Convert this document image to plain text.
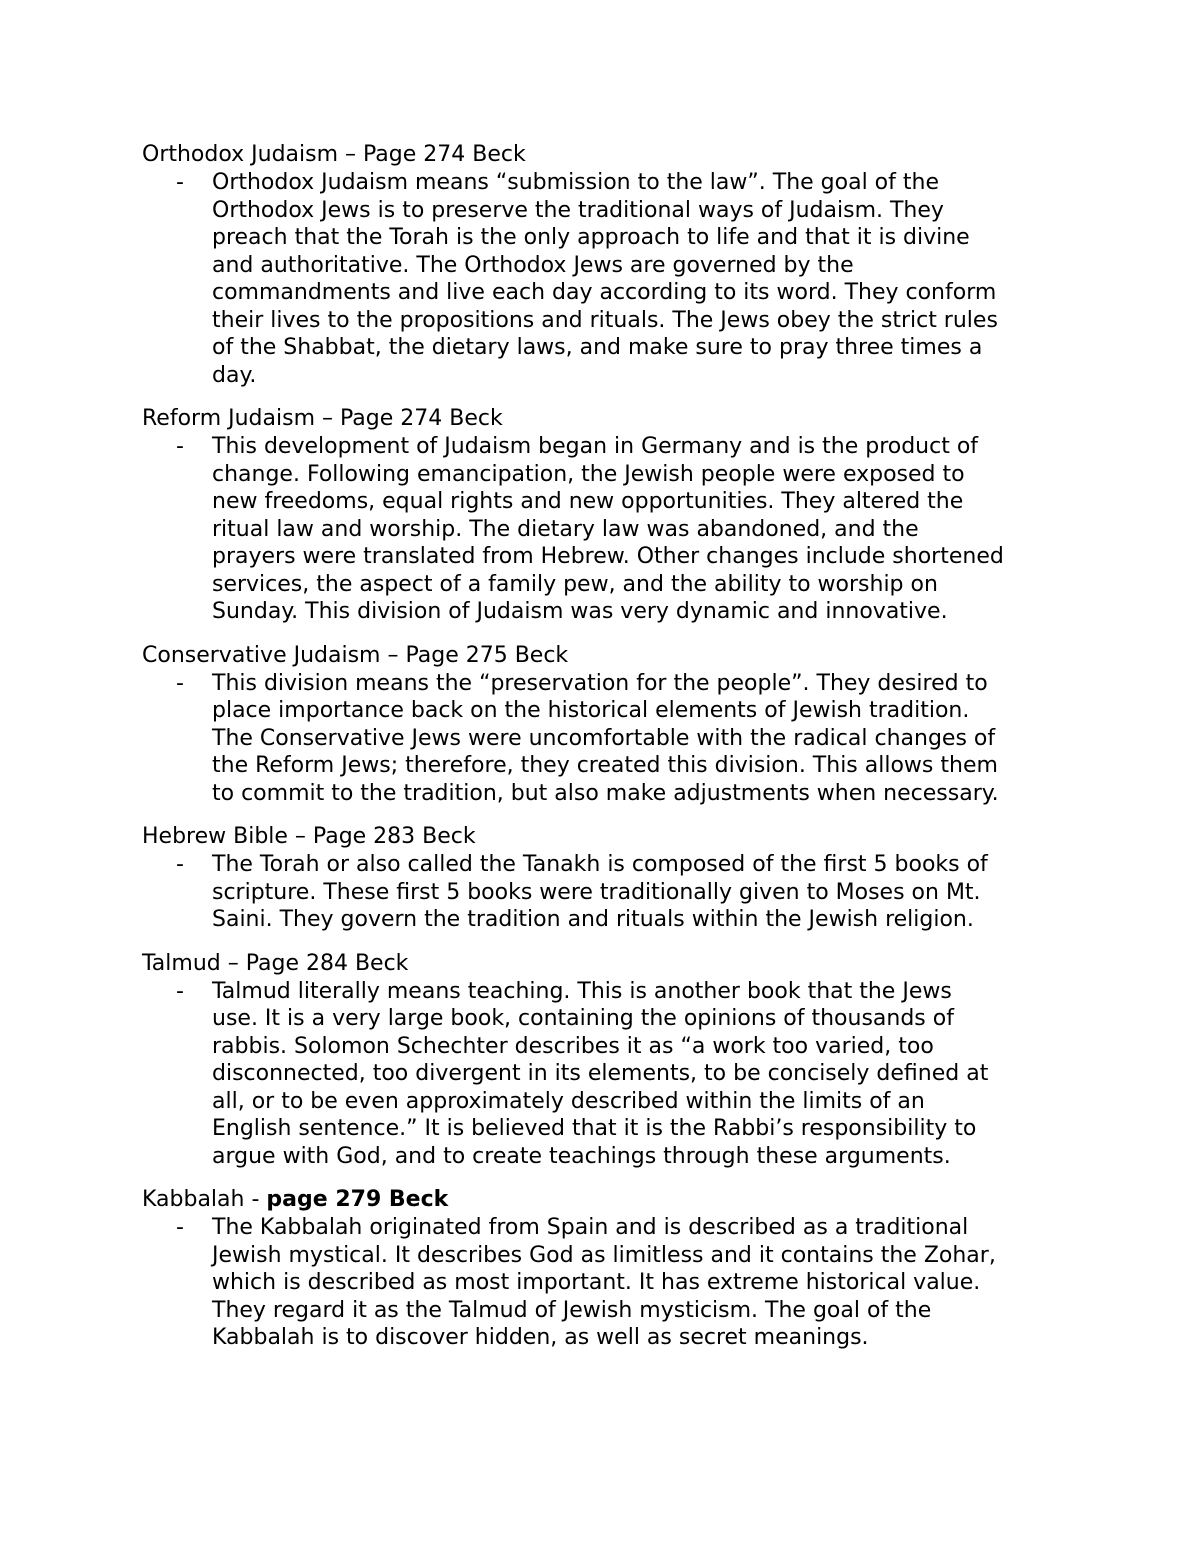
Orthodox Judaism – Page 274 Beck

-	Orthodox Judaism means “submission to the law”. The goal of the
Orthodox Jews is to preserve the traditional ways of Judaism. They
preach that the Torah is the only approach to life and that it is divine
and authoritative. The Orthodox Jews are governed by the
commandments and live each day according to its word. They conform
their lives to the propositions and rituals. The Jews obey the strict rules
of the Shabbat, the dietary laws, and make sure to pray three times a
day.

Reform Judaism – Page 274 Beck

-	This development of Judaism began in Germany and is the product of
change. Following emancipation, the Jewish people were exposed to
new freedoms, equal rights and new opportunities. They altered the
ritual law and worship. The dietary law was abandoned, and the
prayers were translated from Hebrew. Other changes include shortened
services, the aspect of a family pew, and the ability to worship on
Sunday. This division of Judaism was very dynamic and innovative.

Conservative Judaism – Page 275 Beck

-	This division means the “preservation for the people”. They desired to
place importance back on the historical elements of Jewish tradition.
The Conservative Jews were uncomfortable with the radical changes of
the Reform Jews; therefore, they created this division. This allows them
to commit to the tradition, but also make adjustments when necessary.

Hebrew Bible – Page 283 Beck

-	The Torah or also called the Tanakh is composed of the first 5 books of
scripture. These first 5 books were traditionally given to Moses on Mt.
Saini. They govern the tradition and rituals within the Jewish religion.

Talmud – Page 284 Beck

-	Talmud literally means teaching. This is another book that the Jews
use. It is a very large book, containing the opinions of thousands of
rabbis. Solomon Schechter describes it as “a work too varied, too
disconnected, too divergent in its elements, to be concisely defined at
all, or to be even approximately described within the limits of an
English sentence.” It is believed that it is the Rabbi’s responsibility to
argue with God, and to create teachings through these arguments.

Kabbalah - page 279 Beck

-	The Kabbalah originated from Spain and is described as a traditional
Jewish mystical. It describes God as limitless and it contains the Zohar,
which is described as most important. It has extreme historical value.
They regard it as the Talmud of Jewish mysticism. The goal of the
Kabbalah is to discover hidden, as well as secret meanings.
